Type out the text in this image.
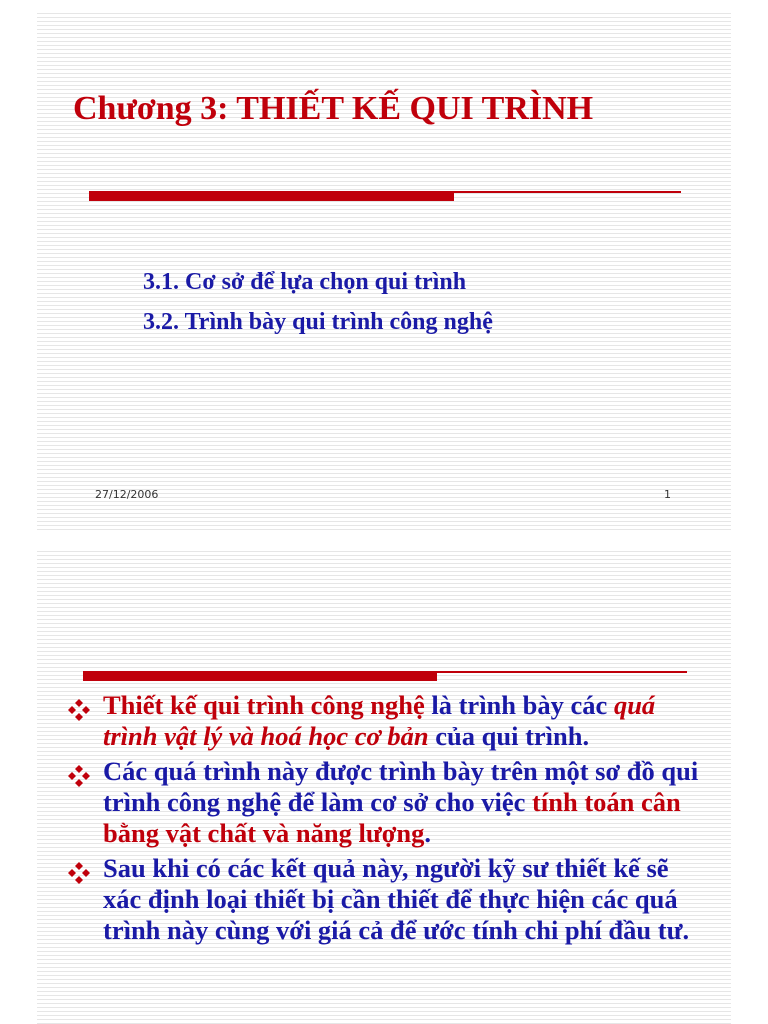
Chương 3: THIẾT KẾ QUI TRÌNH
3.1. Cơ sở để lựa chọn qui trình
3.2. Trình bày qui trình công nghệ
27/12/2006	1
Thiết kế qui trình công nghệ là trình bày các quá trình vật lý và hoá học cơ bản của qui trình.
Các quá trình này được trình bày trên một sơ đồ qui trình công nghệ để làm cơ sở cho việc tính toán cân bằng vật chất và năng lượng.
Sau khi có các kết quả này, người kỹ sư thiết kế sẽ xác định loại thiết bị cần thiết để thực hiện các quá trình này cùng với giá cả để ước tính chi phí đầu tư.
